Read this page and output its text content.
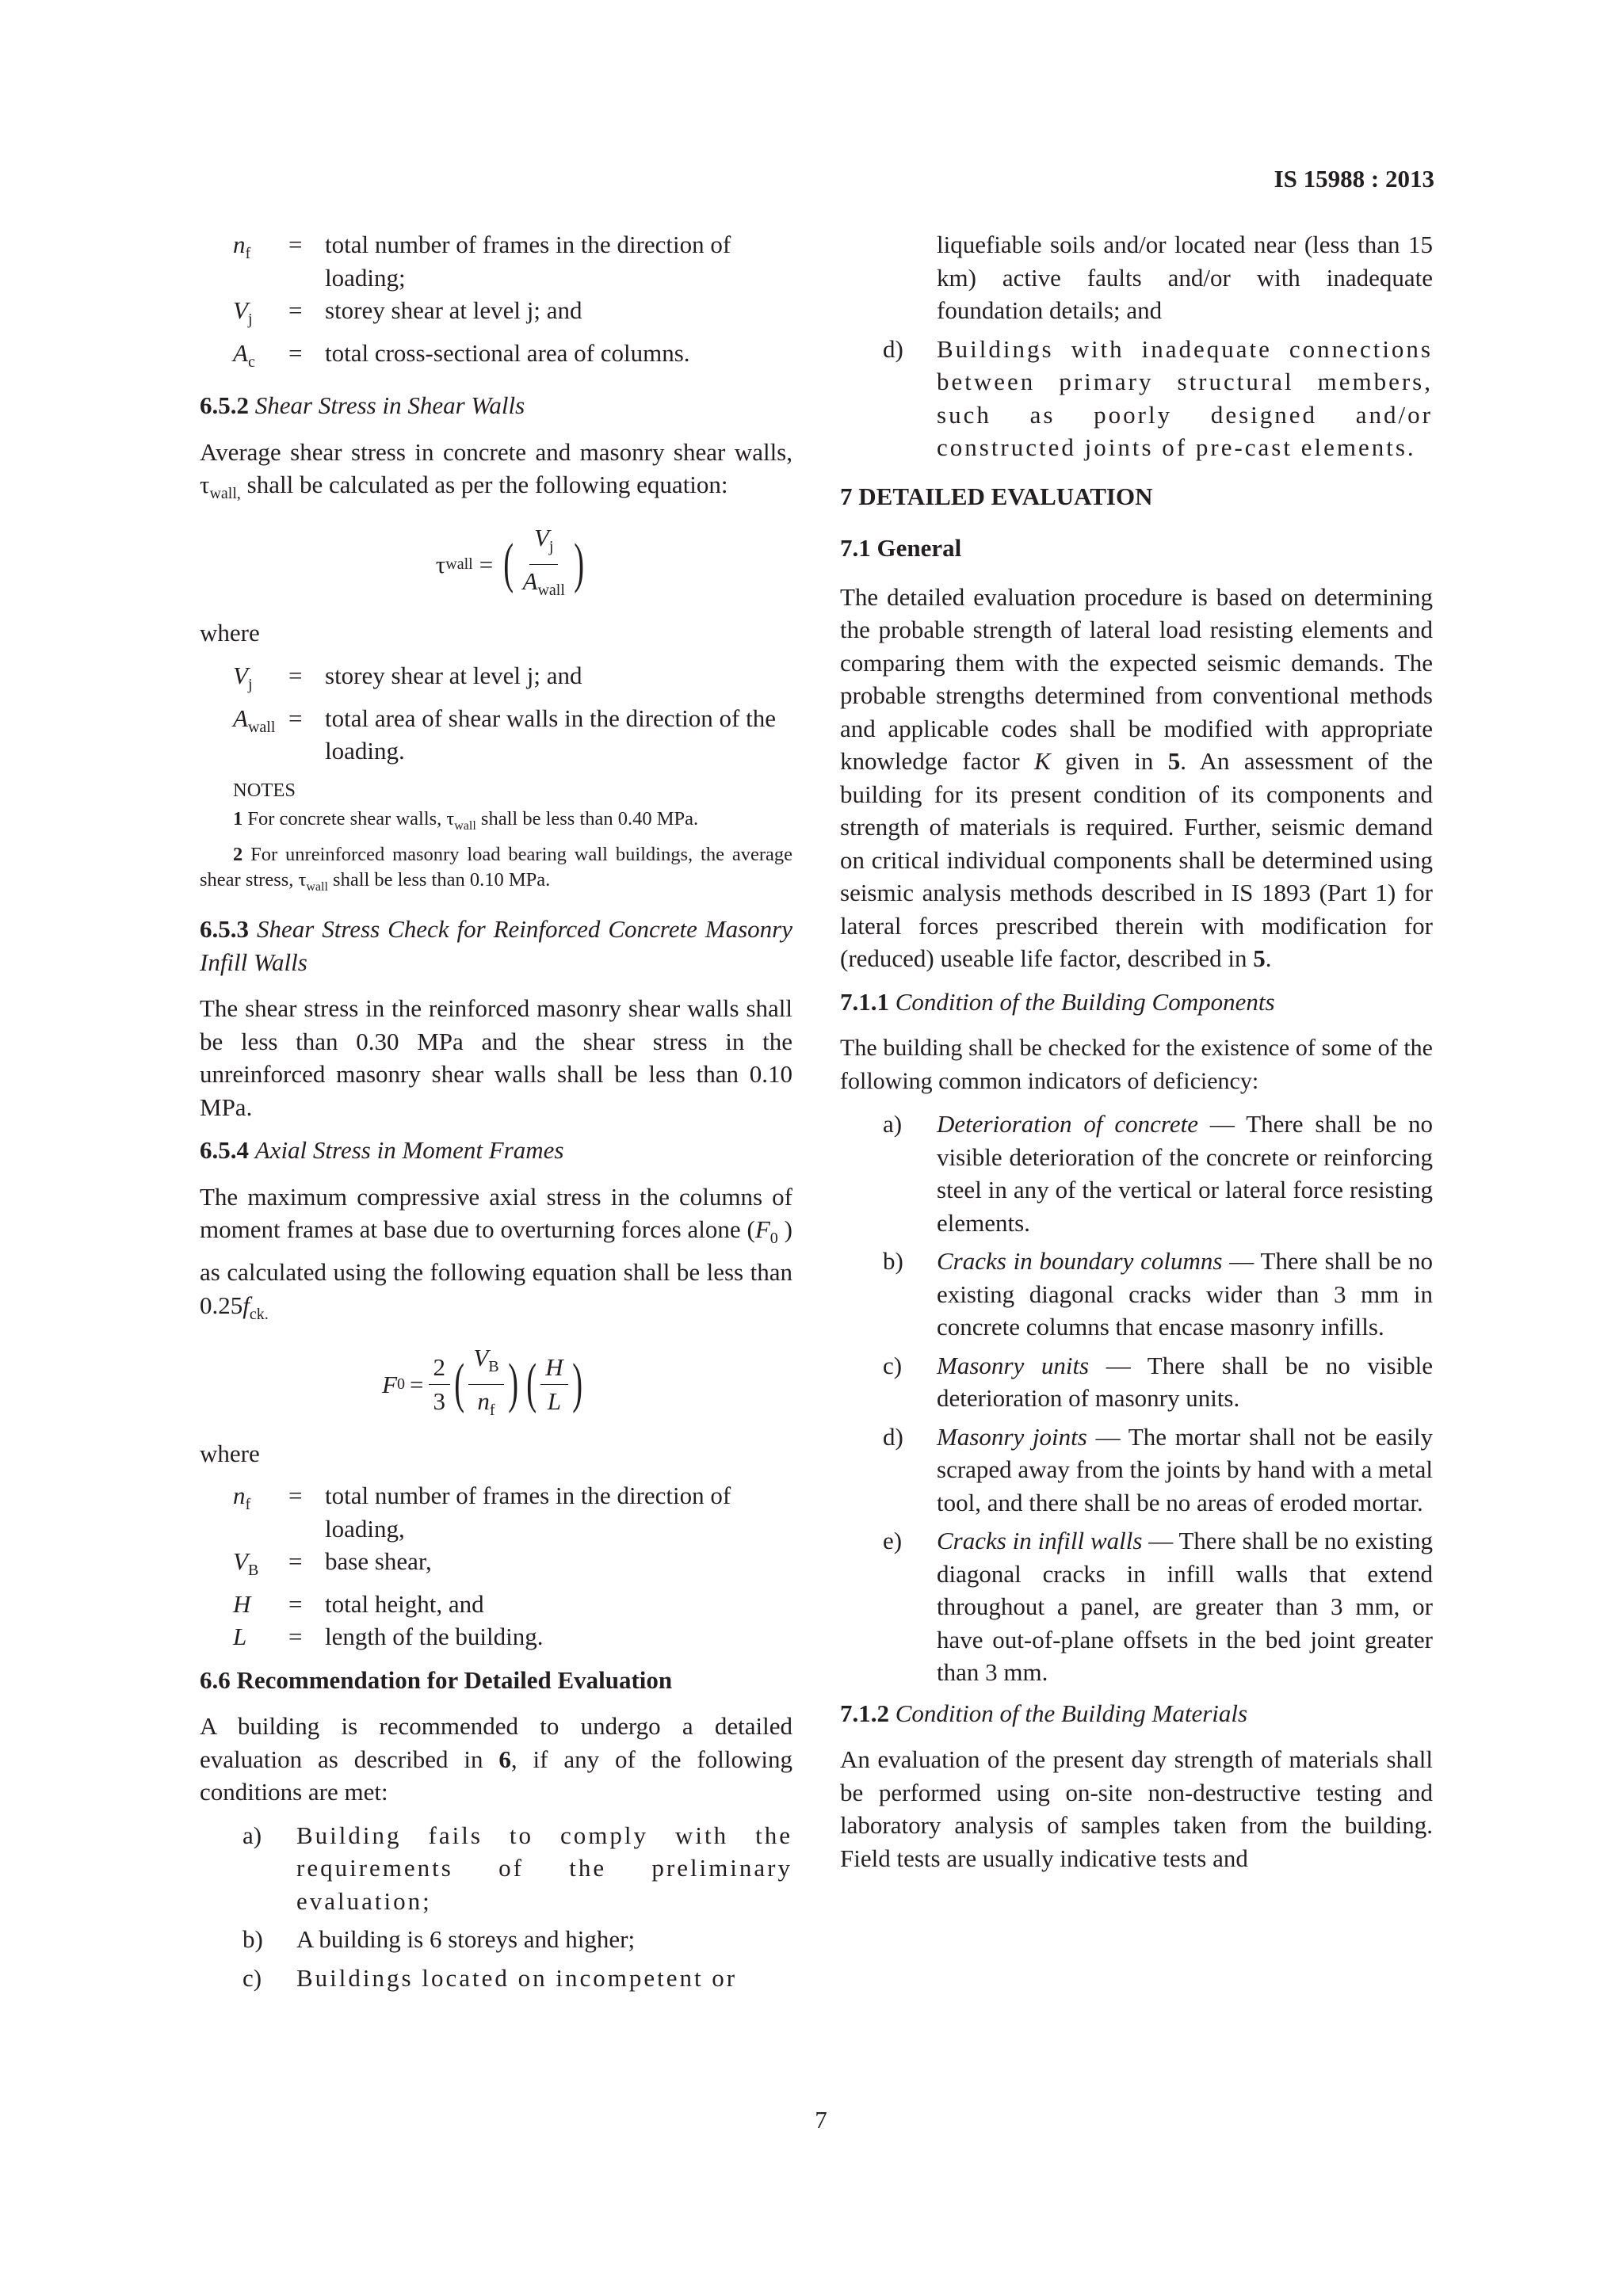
IS 15988 : 2013
$n_f$	= total number of frames in the direction of loading;
$V_j$	= storey shear at level j; and
$A_c$	= total cross-sectional area of columns.
6.5.2 Shear Stress in Shear Walls

Average shear stress in concrete and masonry shear walls, $\tau_{wall,}$ shall be calculated as per the following equation:

τ wall = ( $\frac{V_j}{A_{wall}}$ )
where
$V_j$	= storey shear at level j; and
$A_{wall}$ = total area of shear walls in the direction of the loading.
NOTES
1 For concrete shear walls, $\tau_{wall}$ shall be less than 0.40 MPa.
2 For unreinforced masonry load bearing wall buildings, the average shear stress, $\tau_{wall}$ shall be less than 0.10 MPa.
6.5.3 Shear Stress Check for Reinforced Concrete Masonry Infill Walls

The shear stress in the reinforced masonry shear walls shall be less than 0.30 MPa and the shear stress in the unreinforced masonry shear walls shall be less than 0.10 MPa.

6.5.4 Axial Stress in Moment Frames

The maximum compressive axial stress in the columns of moment frames at base due to overturning forces alone ($F_0$ ) as calculated using the following equation shall be less than $0.25f_{ck.}$

F $0 = \frac{2}{3}$ ( $\frac{V_B}{n_f}$ ) ( $\frac{H}{L}$ )
where
$n_f$	= total number of frames in the direction of loading,
$V_B$	= base shear,
H	= total height, and
L	= length of the building.
6.6 Recommendation for Detailed Evaluation

A building is recommended to undergo a detailed evaluation as described in 6, if any of the following conditions are met:

a)	Building fails to comply with the requirements of the preliminary evaluation;
b)	A building is 6 storeys and higher;
c)	Buildings located on incompetent or
liquefiable soils and/or located near (less than 15 km) active faults and/or with inadequate foundation details; and
d)	Buildings with inadequate connections between primary structural members, such as poorly designed and/or constructed joints of pre-cast elements.
7 DETAILED EVALUATION
7.1 General

The detailed evaluation procedure is based on determining the probable strength of lateral load resisting elements and comparing them with the expected seismic demands. The probable strengths determined from conventional methods and applicable codes shall be modified with appropriate knowledge factor K given in 5. An assessment of the building for its present condition of its components and strength of materials is required. Further, seismic demand on critical individual components shall be determined using seismic analysis methods described in IS 1893 (Part 1) for lateral forces prescribed therein with modification for (reduced) useable life factor, described in 5.

7.1.1 Condition of the Building Components

The building shall be checked for the existence of some of the following common indicators of deficiency:

a)	Deterioration of concrete — There shall be no visible deterioration of the concrete or reinforcing steel in any of the vertical or lateral force resisting elements.
b)	Cracks in boundary columns — There shall be no existing diagonal cracks wider than 3 mm in concrete columns that encase masonry infills.
c)	Masonry units — There shall be no visible deterioration of masonry units.
d)	Masonry joints — The mortar shall not be easily scraped away from the joints by hand with a metal tool, and there shall be no areas of eroded mortar.
e)	Cracks in infill walls — There shall be no existing diagonal cracks in infill walls that extend throughout a panel, are greater than 3 mm, or have out-of-plane offsets in the bed joint greater than 3 mm.
7.1.2 Condition of the Building Materials

An evaluation of the present day strength of materials shall be performed using on-site non-destructive testing and laboratory analysis of samples taken from the building. Field tests are usually indicative tests and

7
